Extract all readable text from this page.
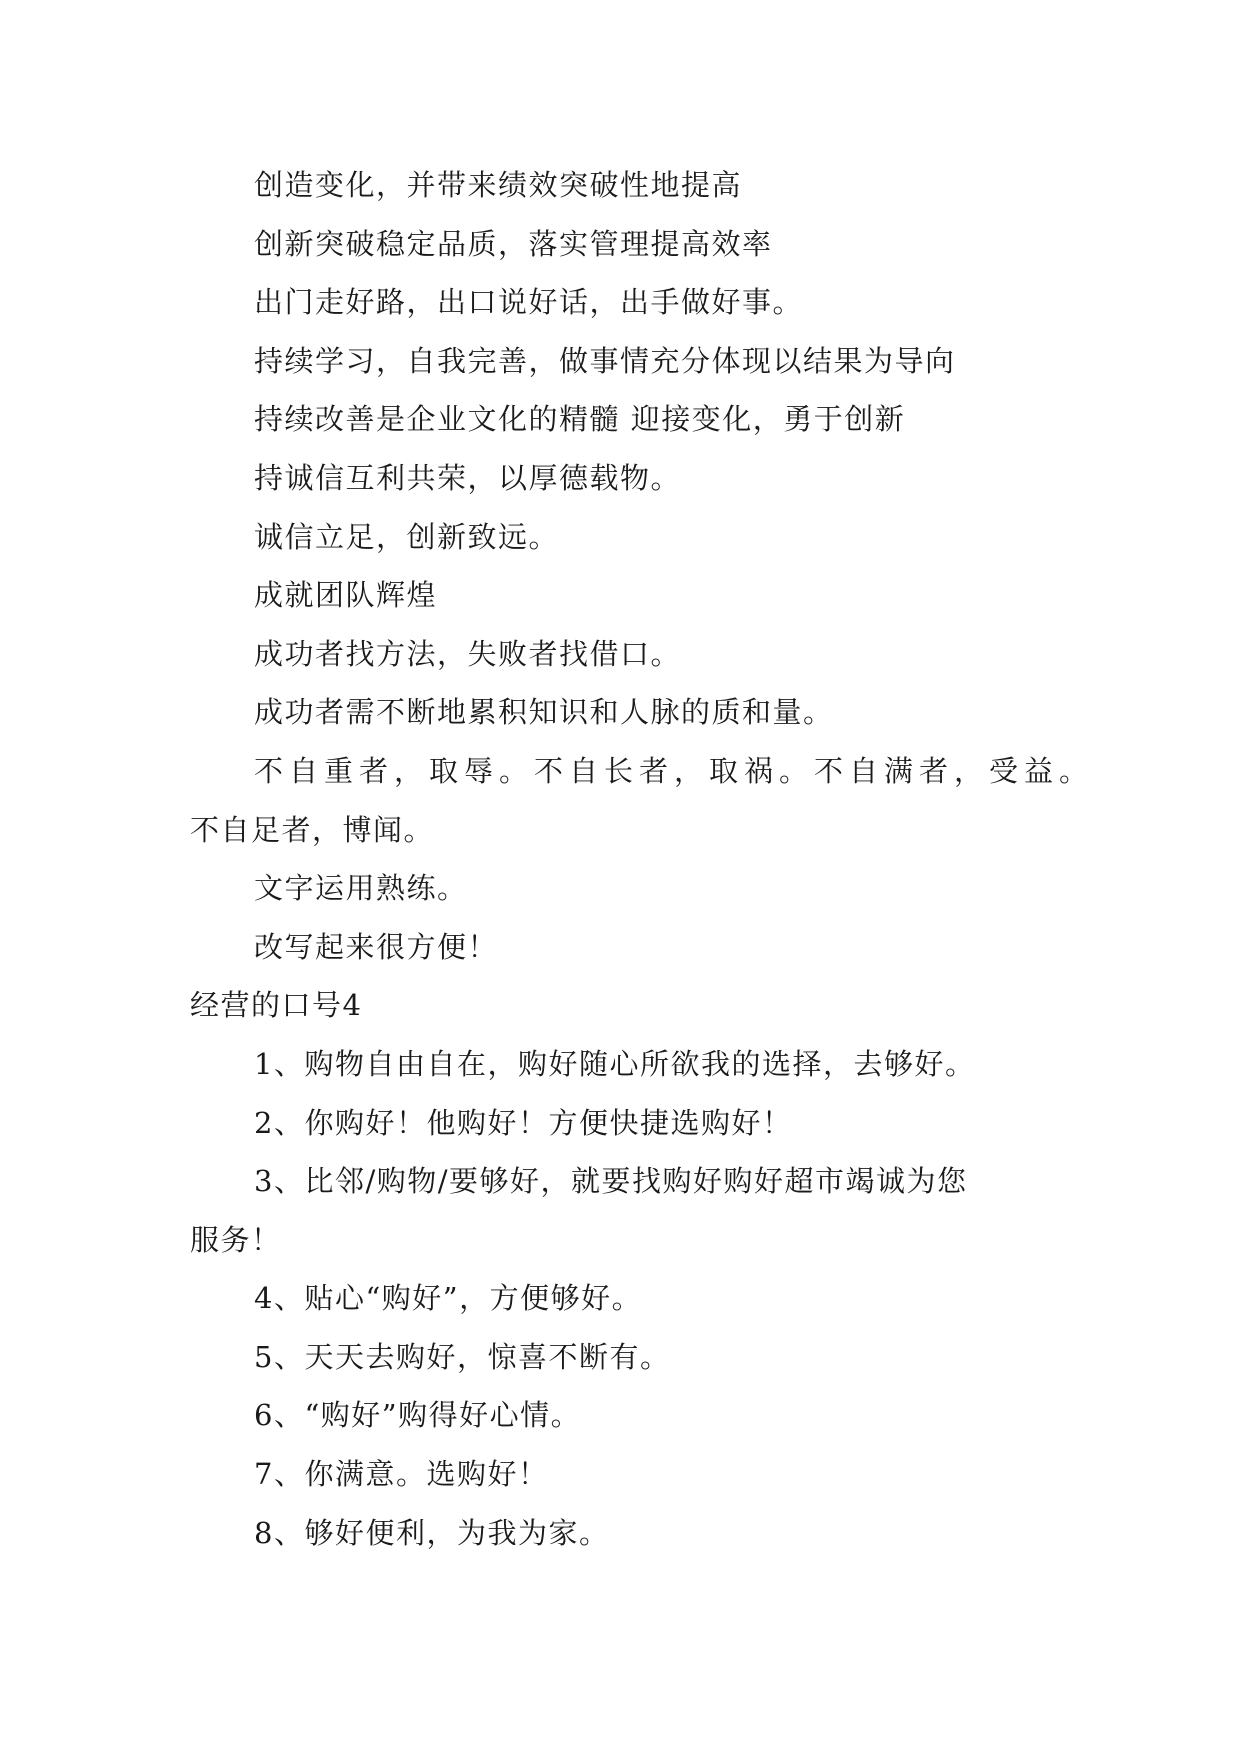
创造变化，并带来绩效突破性地提高
创新突破稳定品质，落实管理提高效率
出门走好路，出口说好话，出手做好事。
持续学习，自我完善，做事情充分体现以结果为导向
持续改善是企业文化的精髓 迎接变化，勇于创新
持诚信互利共荣，以厚德载物。
诚信立足，创新致远。
成就团队辉煌
成功者找方法，失败者找借口。
成功者需不断地累积知识和人脉的质和量。
不自重者，取辱。不自长者，取祸。不自满者，受益。
不自足者，博闻。
文字运用熟练。
改写起来很方便！
经营的口号4
1、购物自由自在，购好随心所欲我的选择，去够好。
2、你购好！他购好！方便快捷选购好！
3、比邻/购物/要够好，就要找购好购好超市竭诚为您
服务！
4、贴心“购好”，方便够好。
5、天天去购好，惊喜不断有。
6、“购好”购得好心情。
7、你满意。选购好！
8、够好便利，为我为家。
